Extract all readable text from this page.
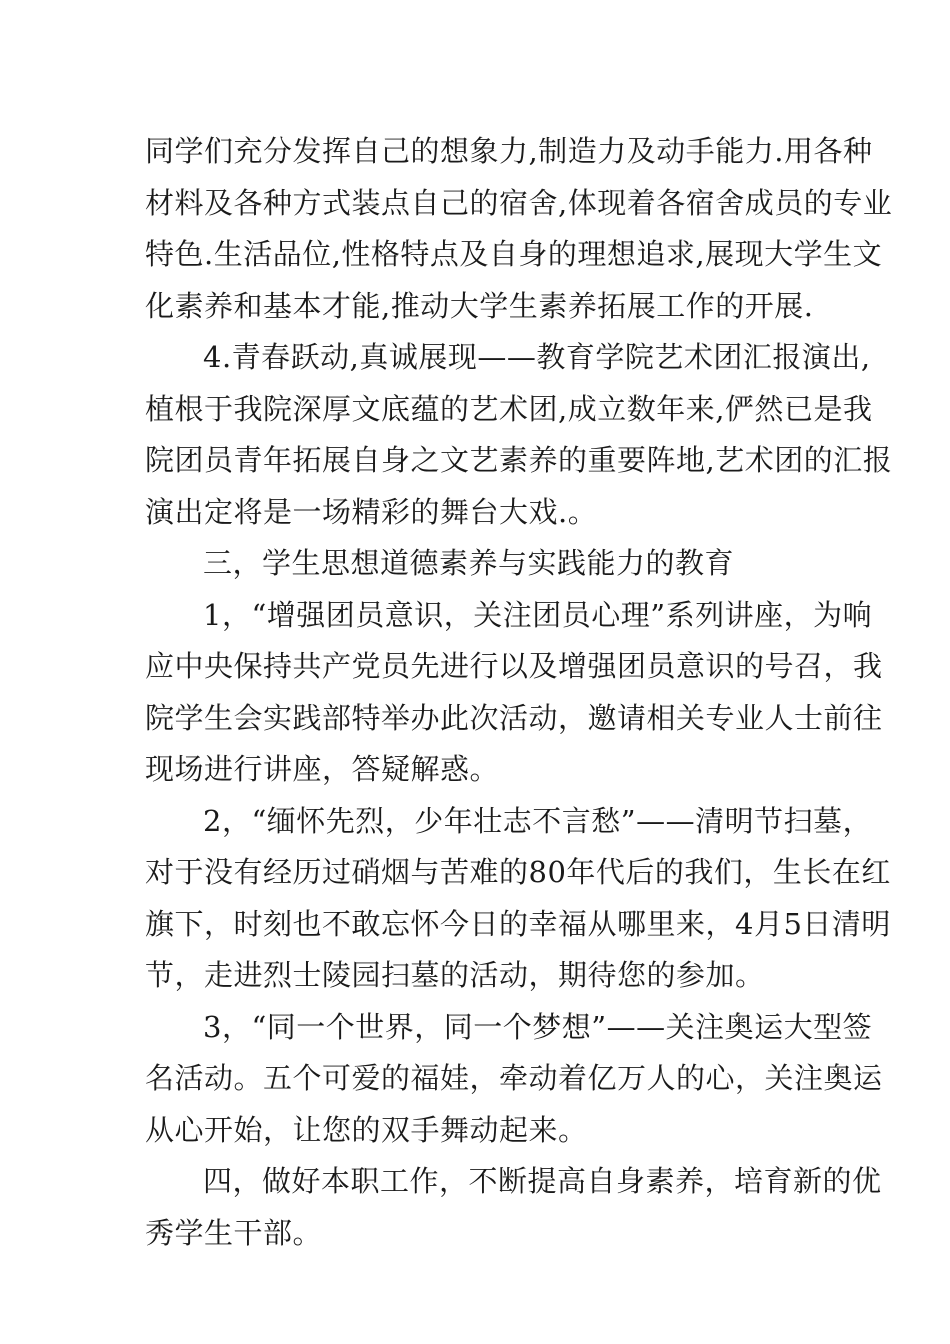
同学们充分发挥自己的想象力,制造力及动手能力.用各种
材料及各种方式装点自己的宿舍,体现着各宿舍成员的专业
特色.生活品位,性格特点及自身的理想追求,展现大学生文
化素养和基本才能,推动大学生素养拓展工作的开展.
4.青春跃动,真诚展现——教育学院艺术团汇报演出,
植根于我院深厚文底蕴的艺术团,成立数年来,俨然已是我
院团员青年拓展自身之文艺素养的重要阵地,艺术团的汇报
演出定将是一场精彩的舞台大戏.。
三，学生思想道德素养与实践能力的教育
1，“增强团员意识，关注团员心理”系列讲座，为响
应中央保持共产党员先进行以及增强团员意识的号召，我
院学生会实践部特举办此次活动，邀请相关专业人士前往
现场进行讲座，答疑解惑。
2，“缅怀先烈，少年壮志不言愁”——清明节扫墓，
对于没有经历过硝烟与苦难的80年代后的我们，生长在红
旗下，时刻也不敢忘怀今日的幸福从哪里来，4月5日清明
节，走进烈士陵园扫墓的活动，期待您的参加。
3，“同一个世界，同一个梦想”——关注奥运大型签
名活动。五个可爱的福娃，牵动着亿万人的心，关注奥运
从心开始，让您的双手舞动起来。
四，做好本职工作，不断提高自身素养，培育新的优
秀学生干部。
